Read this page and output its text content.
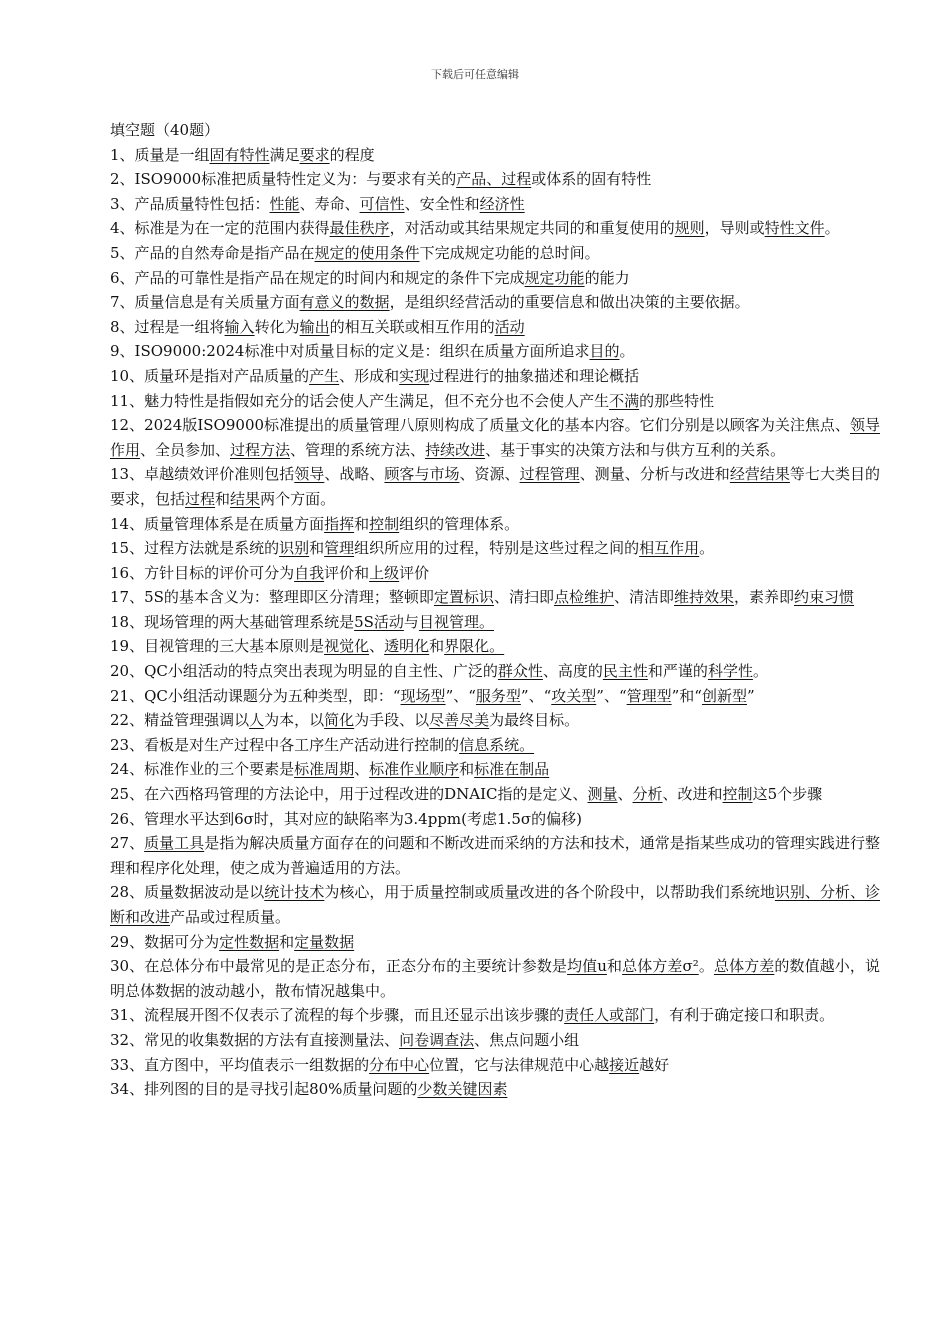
下载后可任意编辑

填空题（40题）

1、质量是一组固有特性满足要求的程度

2、ISO9000标准把质量特性定义为：与要求有关的产品、过程或体系的固有特性

3、产品质量特性包括：性能、寿命、可信性、安全性和经济性

4、标准是为在一定的范围内获得最佳秩序，对活动或其结果规定共同的和重复使用的规则，导则或特性文件。

5、产品的自然寿命是指产品在规定的使用条件下完成规定功能的总时间。

6、产品的可靠性是指产品在规定的时间内和规定的条件下完成规定功能的能力

7、质量信息是有关质量方面有意义的数据，是组织经营活动的重要信息和做出决策的主要依据。

8、过程是一组将输入转化为输出的相互关联或相互作用的活动

9、ISO9000:2024标准中对质量目标的定义是：组织在质量方面所追求目的。

10、质量环是指对产品质量的产生、形成和实现过程进行的抽象描述和理论概括

11、魅力特性是指假如充分的话会使人产生满足，但不充分也不会使人产生不满的那些特性

12、2024版ISO9000标准提出的质量管理八原则构成了质量文化的基本内容。它们分别是以顾客为关注焦点、领导作用、全员参加、过程方法、管理的系统方法、持续改进、基于事实的决策方法和与供方互利的关系。

13、卓越绩效评价准则包括领导、战略、顾客与市场、资源、过程管理、测量、分析与改进和经营结果等七大类目的要求，包括过程和结果两个方面。

14、质量管理体系是在质量方面指挥和控制组织的管理体系。

15、过程方法就是系统的识别和管理组织所应用的过程，特别是这些过程之间的相互作用。

16、方针目标的评价可分为自我评价和上级评价

17、5S的基本含义为：整理即区分清理；整顿即定置标识、清扫即点检维护、清洁即维持效果，素养即约束习惯

18、现场管理的两大基础管理系统是5S活动与目视管理。

19、目视管理的三大基本原则是视觉化、透明化和界限化。

20、QC小组活动的特点突出表现为明显的自主性、广泛的群众性、高度的民主性和严谨的科学性。

21、QC小组活动课题分为五种类型，即：“现场型”、“服务型”、“攻关型”、“管理型”和“创新型”

22、精益管理强调以人为本，以简化为手段、以尽善尽美为最终目标。

23、看板是对生产过程中各工序生产活动进行控制的信息系统。

24、标准作业的三个要素是标准周期、标准作业顺序和标准在制品

25、在六西格玛管理的方法论中，用于过程改进的DNAIC指的是定义、测量、分析、改进和控制这5个步骤

26、管理水平达到6σ时，其对应的缺陷率为3.4ppm(考虑1.5σ的偏移)

27、质量工具是指为解决质量方面存在的问题和不断改进而采纳的方法和技术，通常是指某些成功的管理实践进行整理和程序化处理，使之成为普遍适用的方法。

28、质量数据波动是以统计技术为核心，用于质量控制或质量改进的各个阶段中，以帮助我们系统地识别、分析、诊断和改进产品或过程质量。

29、数据可分为定性数据和定量数据

30、在总体分布中最常见的是正态分布，正态分布的主要统计参数是均值u和总体方差σ²。总体方差的数值越小，说明总体数据的波动越小，散布情况越集中。

31、流程展开图不仅表示了流程的每个步骤，而且还显示出该步骤的责任人或部门，有利于确定接口和职责。

32、常见的收集数据的方法有直接测量法、问卷调查法、焦点问题小组

33、直方图中，平均值表示一组数据的分布中心位置，它与法律规范中心越接近越好

34、排列图的目的是寻找引起80%质量问题的少数关键因素
